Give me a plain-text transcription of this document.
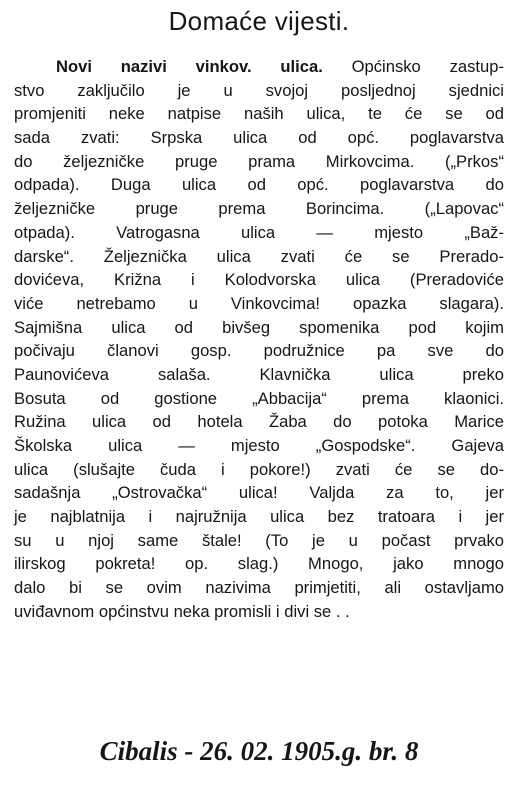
Domaće vijesti.
Novi nazivi vinkov. ulica. Općinsko zastup-
stvo zaključilo je u svojoj posljednoj sjednici
promjeniti neke natpise naših ulica, te će se od
sada zvati: Srpska ulica od opć. poglavarstva
do željezničke pruge prama Mirkovcima. („Prkos“
odpada). Duga ulica od opć. poglavarstva do
željezničke pruge prema Borincima. („Lapovac“
otpada). Vatrogasna ulica — mjesto „Baž-
darske“. Željeznička ulica zvati će se Prerado-
dovićeva, Križna i Kolodvorska ulica (Preradoviće
viće netrebamo u Vinkovcima! opazka slagara).
Sajmišna ulica od bivšeg spomenika pod kojim
počivaju članovi gosp. podružnice pa sve do
Paunovićeva salaša. Klavnička ulica preko
Bosuta od gostione „Abbacija“ prema klaonici.
Ružina ulica od hotela Žaba do potoka Marice
Školska ulica — mjesto „Gospodske“. Gajeva
ulica (slušajte čuda i pokore!) zvati će se do-
sadašnja „Ostrovačka“ ulica! Valjda za to, jer
je najblatnija i najružnija ulica bez tratoara i jer
su u njoj same štale! (To je u počast prvako
ilirskog pokreta! op. slag.) Mnogo, jako mnogo
dalo bi se ovim nazivima primjetiti, ali ostavljamo
uviđavnom općinstvu neka promisli i divi se . .
Cibalis - 26. 02. 1905.g. br. 8
